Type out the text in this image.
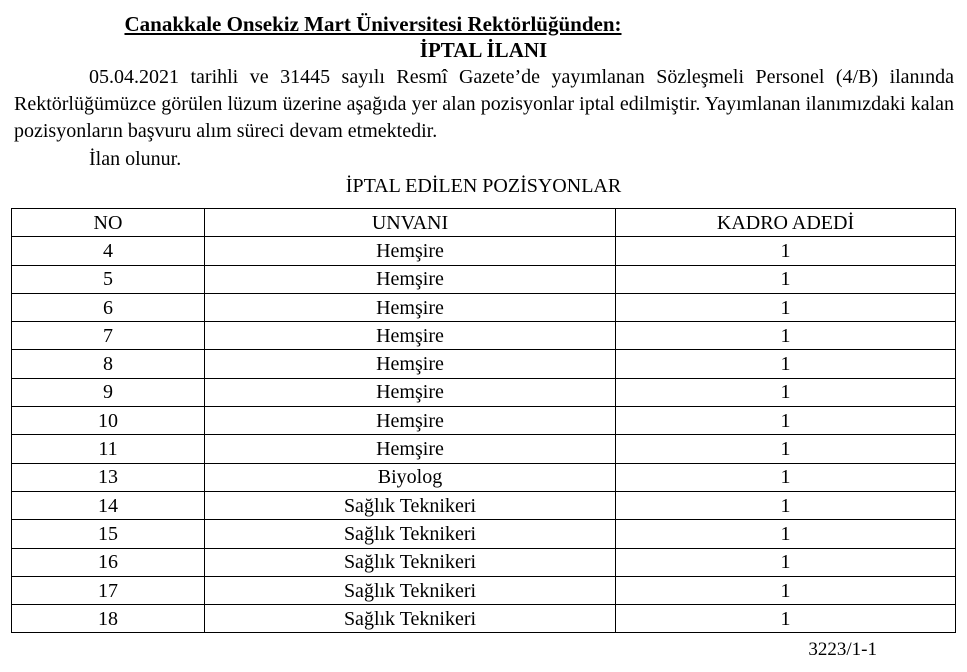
Canakkale Onsekiz Mart Üniversitesi Rektörlüğünden:
İPTAL İLANI
05.04.2021 tarihli ve 31445 sayılı Resmî Gazete’de yayımlanan Sözleşmeli Personel (4/B) ilanında Rektörlüğümüzce görülen lüzum üzerine aşağıda yer alan pozisyonlar iptal edilmiştir. Yayımlanan ilanımızdaki kalan pozisyonların başvuru alım süreci devam etmektedir.
İlan olunur.
İPTAL EDİLEN POZİSYONLAR
NO	UNVANI	KADRO ADEDİ
4	Hemşire	1
5	Hemşire	1
6	Hemşire	1
7	Hemşire	1
8	Hemşire	1
9	Hemşire	1
10	Hemşire	1
11	Hemşire	1
13	Biyolog	1
14	Sağlık Teknikeri	1
15	Sağlık Teknikeri	1
16	Sağlık Teknikeri	1
17	Sağlık Teknikeri	1
18	Sağlık Teknikeri	1
3223/1-1
